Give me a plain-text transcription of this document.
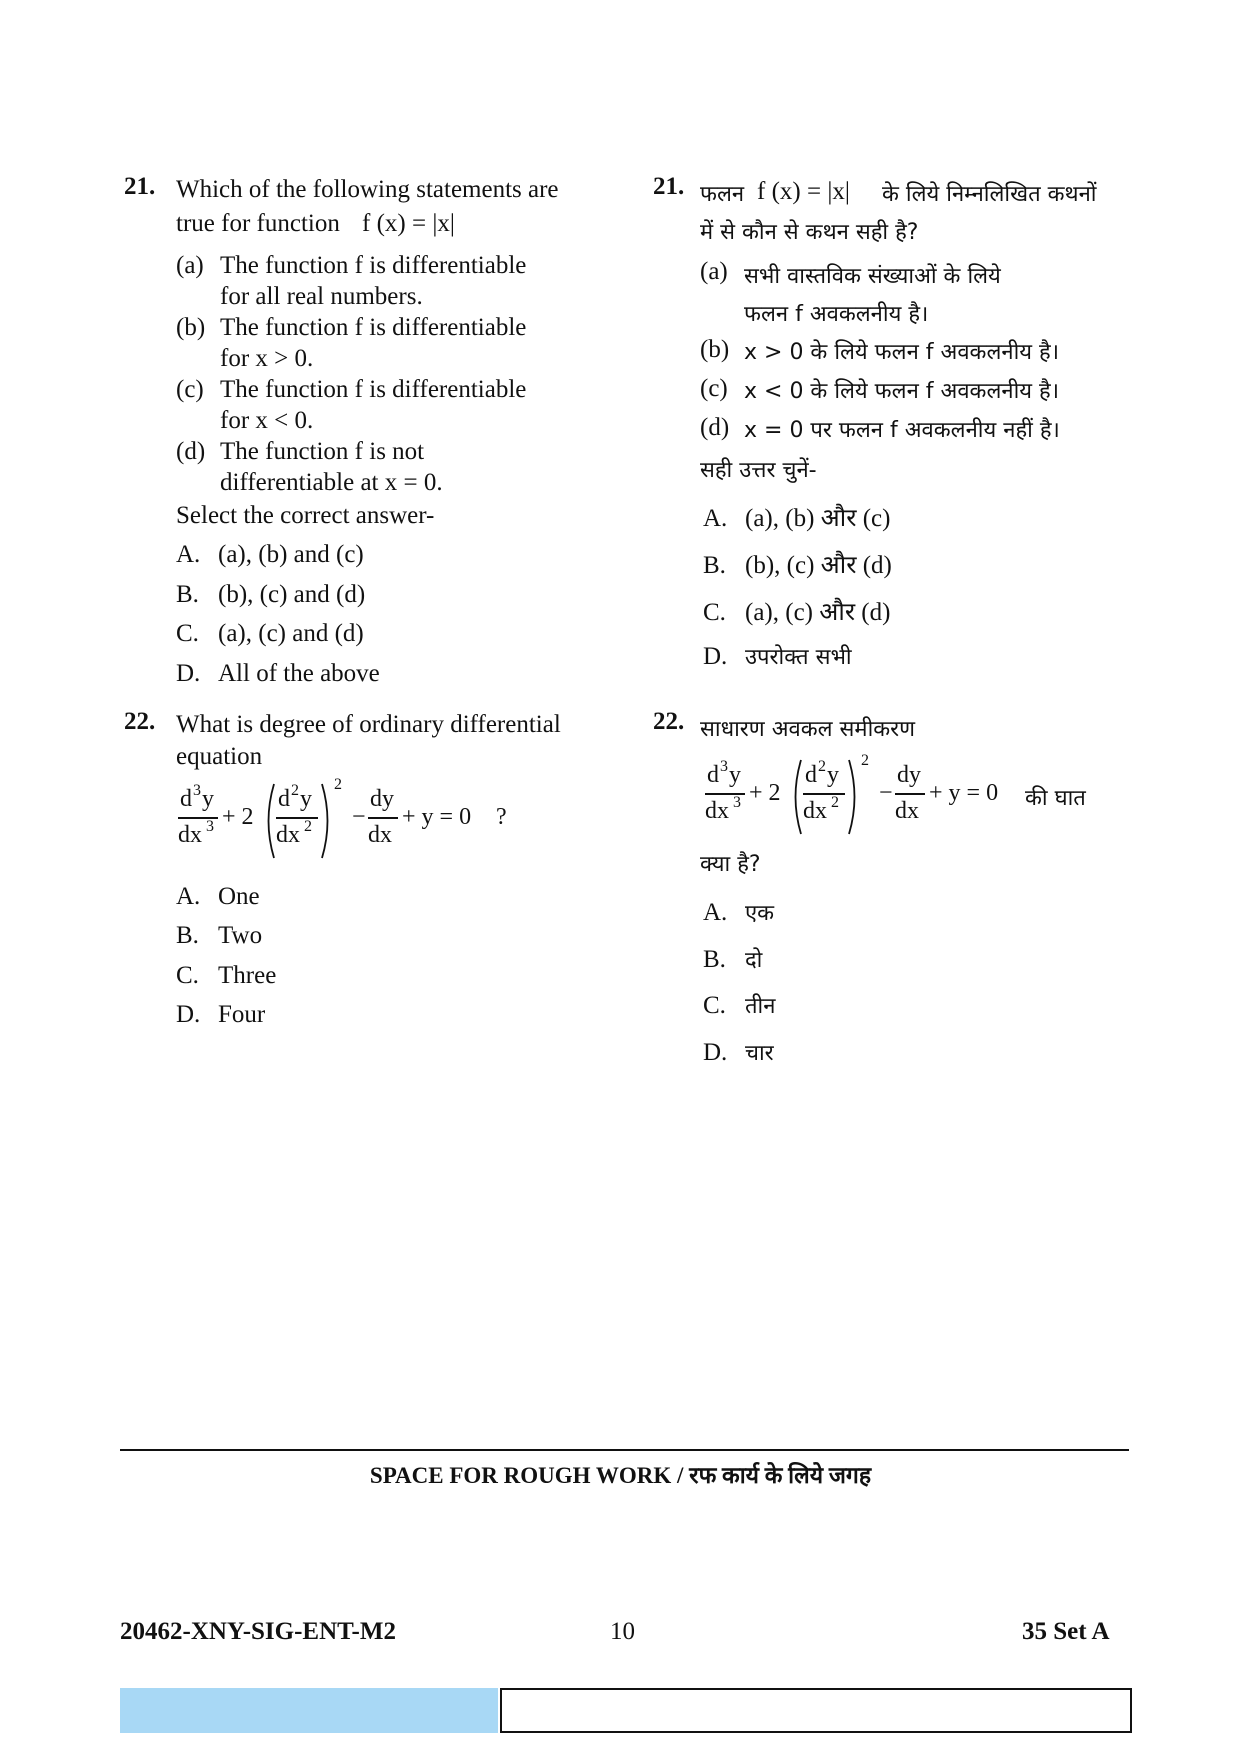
21. Which of the following statements are
true for function f (x) = |x|
(a) The function f is differentiable
for all real numbers.
(b) The function f is differentiable
for x > 0.
(c) The function f is differentiable
for x < 0.
(d) The function f is not
differentiable at x = 0.
Select the correct answer-
A. (a), (b) and (c)
B. (b), (c) and (d)
C. (a), (c) and (d)
D. All of the above
21. फलन f (x) = |x| के लिये निम्नलिखित कथनों
में से कौन से कथन सही है?
(a) सभी वास्तविक संख्याओं के लिये
फलन f अवकलनीय है।
(b) x > 0 के लिये फलन f अवकलनीय है।
(c) x < 0 के लिये फलन f अवकलनीय है।
(d) x = 0 पर फलन f अवकलनीय नहीं है।
सही उत्तर चुनें-
A. (a), (b) और (c)
B. (b), (c) और (d)
C. (a), (c) और (d)
D. उपरोक्त सभी
22. What is degree of ordinary differential
equation
d 3 y
dx 3 + 2
d 2 y
dx 2
2
−
dy
dx
+ y = 0 ?
A. One
B. Two
C. Three
D. Four
22. साधारण अवकल समीकरण
d 3 y
dx 3 + 2
d 2 y
dx 2
2
−
dy
dx
+ y = 0 की घात
क्या है?
A. एक
B. दो
C. तीन
D. चार
SPACE FOR ROUGH WORK / रफ कार्य के लिये जगह
20462-XNY-SIG-ENT-M2	10	35 Set A
